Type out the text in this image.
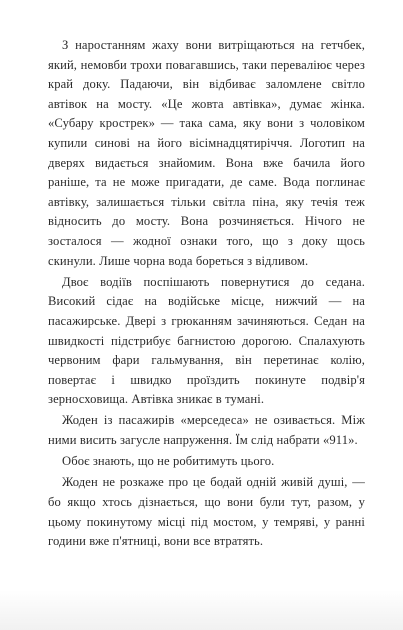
З наростанням жаху вони витріщаються на гетчбек, який, немовби трохи повагавшись, таки переваліює через край доку. Падаючи, він відбиває заломлене світло автівок на мосту. «Це жовта автівка», думає жінка. «Субару крострек» — така сама, яку вони з чоловіком купили синові на його вісімнадцятиріччя. Логотип на дверях видається знайомим. Вона вже бачила його раніше, та не може пригадати, де саме. Вода поглинає автівку, залишається тільки світла піна, яку течія теж відносить до мосту. Вона розчиняється. Нічого не зосталося — жодної ознаки того, що з доку щось скинули. Лише чорна вода бореться з відливом.

Двоє водіїв поспішають повернутися до седана. Високий сідає на водійське місце, нижчий — на пасажирське. Двері з грюканням зачиняються. Седан на швидкості підстрибує багнистою дорогою. Спалахують червоним фари гальмування, він перетинає колію, повертає і швидко проїздить покинуте подвір'я зерносховища. Автівка зникає в тумані.

Жоден із пасажирів «мерседеса» не озивається. Між ними висить загусле напруження. Їм слід набрати «911».

Обоє знають, що не робитимуть цього.

Жоден не розкаже про це бодай одній живій душі, — бо якщо хтось дізнається, що вони були тут, разом, у цьому покинутому місці під мостом, у темряві, у ранні години вже п'ятниці, вони все втратять.
